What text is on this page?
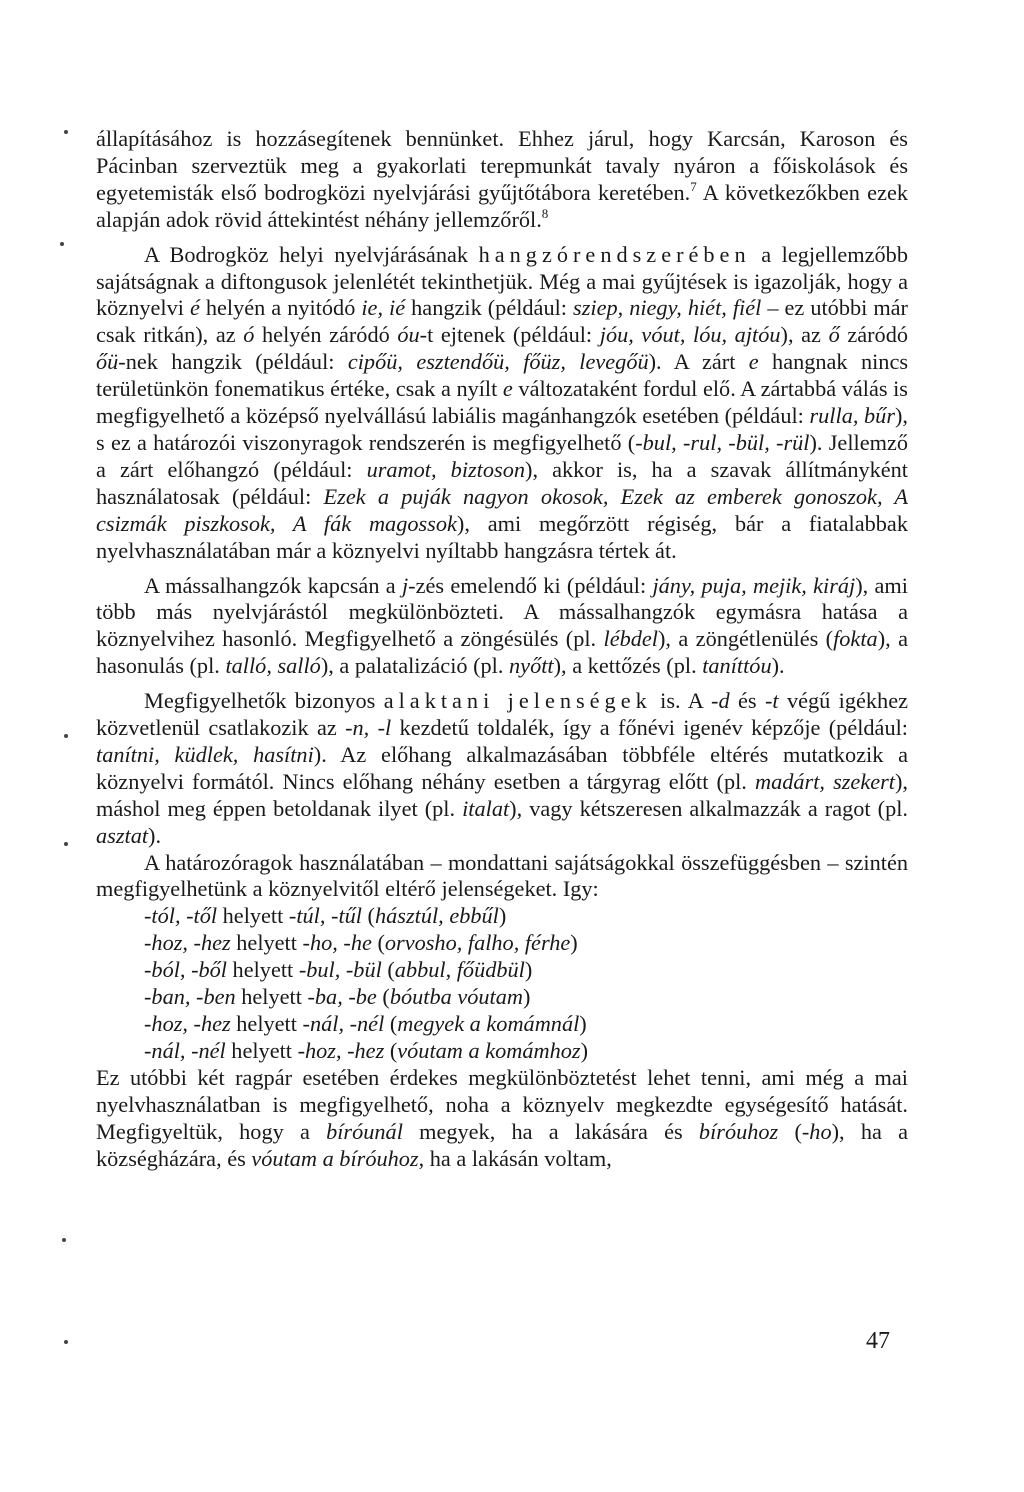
állapításához is hozzásegítenek bennünket. Ehhez járul, hogy Karcsán, Karoson és Pácinban szerveztük meg a gyakorlati terepmunkát tavaly nyáron a főiskolások és egyetemisták első bodrogközi nyelvjárási gyűjtőtábora keretében.$^7$ A következőkben ezek alapján adok rövid áttekintést néhány jellemzőről.$^8$

A Bodrogköz helyi nyelvjárásának hangzórendszerében a legjellemzőbb sajátságnak a diftongusok jelenlétét tekinthetjük. Még a mai gyűjtések is igazolják, hogy a köznyelvi é helyén a nyitódó ie, ié hangzik (például: sziep, niegy, hiét, fiél – ez utóbbi már csak ritkán), az ó helyén záródó óu-t ejtenek (például: jóu, vóut, lóu, ajtóu), az ő záródó őü-nek hangzik (például: cipőü, esztendőü, főüz, levegőü). A zárt e hangnak nincs területünkön fonematikus értéke, csak a nyílt e változataként fordul elő. A zártabbá válás is megfigyelhető a középső nyelvállású labiális magánhangzók esetében (például: rulla, bűr), s ez a határozói viszonyragok rendszerén is megfigyelhető (-bul, -rul, -bül, -rül). Jellemző a zárt előhangzó (például: uramot, biztoson), akkor is, ha a szavak állítmányként használatosak (például: Ezek a puják nagyon okosok, Ezek az emberek gonoszok, A csizmák piszkosok, A fák magossok), ami megőrzött régiség, bár a fiatalabbak nyelvhasználatában már a köznyelvi nyíltabb hangzásra tértek át.

A mássalhangzók kapcsán a j-zés emelendő ki (például: jány, puja, mejik, kiráj), ami több más nyelvjárástól megkülönbözteti. A mássalhangzók egymásra hatása a köznyelvihez hasonló. Megfigyelhető a zöngésülés (pl. lébdel), a zöngétlenülés (fokta), a hasonulás (pl. talló, salló), a palatalizáció (pl. nyőtt), a kettőzés (pl. taníttóu).

Megfigyelhetők bizonyos alaktani jelenségek is. A -d és -t végű igékhez közvetlenül csatlakozik az -n, -l kezdetű toldalék, így a főnévi igenév képzője (például: tanítni, küdlek, hasítni). Az előhang alkalmazásában többféle eltérés mutatkozik a köznyelvi formától. Nincs előhang néhány esetben a tárgyrag előtt (pl. madárt, szekert), máshol meg éppen betoldanak ilyet (pl. italat), vagy kétszeresen alkalmazzák a ragot (pl. asztat).

A határozóragok használatában – mondattani sajátságokkal összefüggésben – szintén megfigyelhetünk a köznyelvitől eltérő jelenségeket. Igy:

-tól, -től helyett -túl, -tűl (hásztúl, ebbűl)
-hoz, -hez helyett -ho, -he (orvosho, falho, férhe)
-ból, -ből helyett -bul, -bül (abbul, főüdbül)
-ban, -ben helyett -ba, -be (bóutba vóutam)
-hoz, -hez helyett -nál, -nél (megyek a komámnál)
-nál, -nél helyett -hoz, -hez (vóutam a komámhoz)

Ez utóbbi két ragpár esetében érdekes megkülönböztetést lehet tenni, ami még a mai nyelvhasználatban is megfigyelhető, noha a köznyelv megkezdte egységesítő hatását. Megfigyeltük, hogy a bíróunál megyek, ha a lakására és bíróuhoz (-ho), ha a községházára, és vóutam a bíróuhoz, ha a lakásán voltam,

47
